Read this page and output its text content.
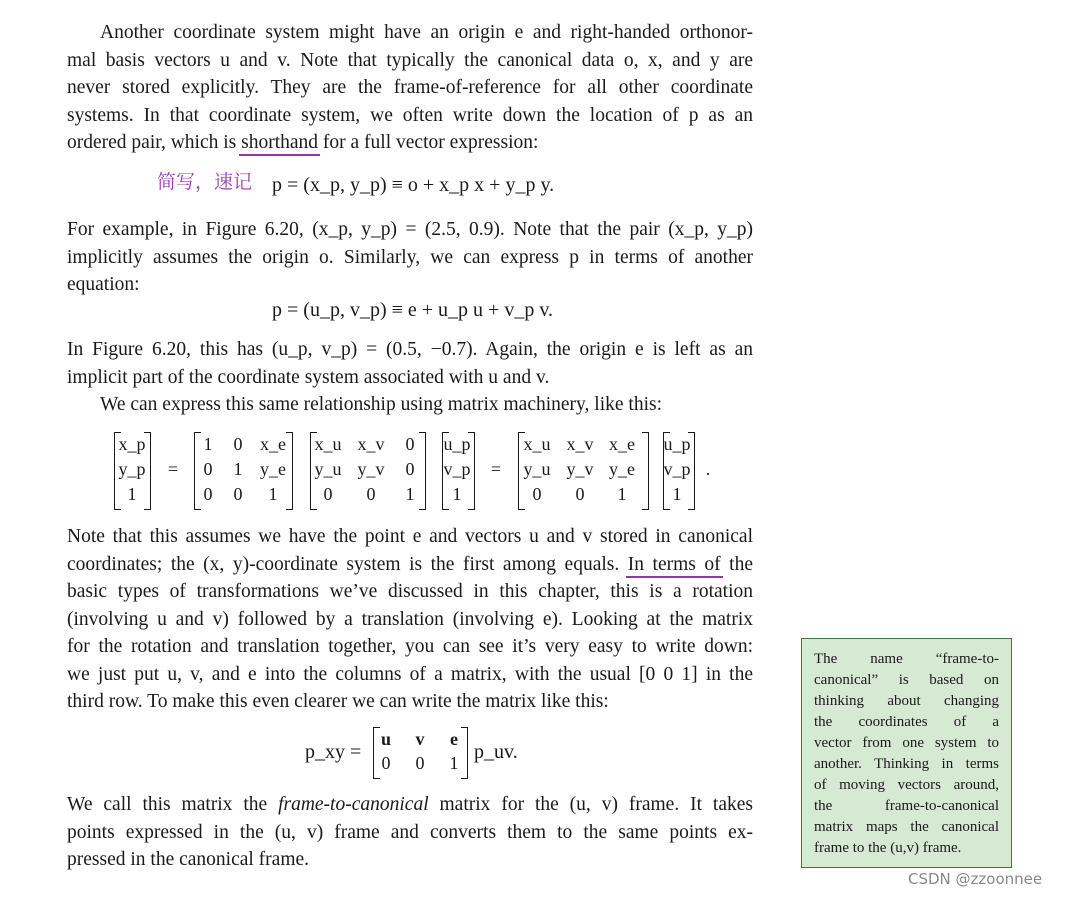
Another coordinate system might have an origin e and right-handed orthonor-
mal basis vectors u and v. Note that typically the canonical data o, x, and y are
never stored explicitly. They are the frame-of-reference for all other coordinate
systems. In that coordinate system, we often write down the location of p as an
ordered pair, which is shorthand for a full vector expression:
简写，速记 p = (x_p, y_p) ≡ o + x_p x + y_p y.
For example, in Figure 6.20, (x_p, y_p) = (2.5, 0.9). Note that the pair (x_p, y_p)
implicitly assumes the origin o. Similarly, we can express p in terms of another
equation:
p = (u_p, v_p) ≡ e + u_p u + v_p v.
In Figure 6.20, this has (u_p, v_p) = (0.5, −0.7). Again, the origin e is left as an
implicit part of the coordinate system associated with u and v.
We can express this same relationship using matrix machinery, like this:
x_p
y_p
1
=
1	0 x_e
0	1 y_e
0	0	1
x_u x_v	0
y_u y_v	0
0	0	1
u_p
v_p
1
=
x_u x_v x_e
y_u y_v y_e
0	0	1
u_p
v_p
1
.
Note that this assumes we have the point e and vectors u and v stored in canonical
coordinates; the (x, y)-coordinate system is the first among equals. In terms of the
basic types of transformations we’ve discussed in this chapter, this is a rotation
(involving u and v) followed by a translation (involving e). Looking at the matrix
for the rotation and translation together, you can see it’s very easy to write down:
we just put u, v, and e into the columns of a matrix, with the usual [0 0 1] in the
third row. To make this even clearer we can write the matrix like this:
p_xy =
u	v	e
0	0	1 p_uv.
We call this matrix the frame-to-canonical matrix for the (u, v) frame. It takes
points expressed in the (u, v) frame and converts them to the same points ex-
pressed in the canonical frame.
The name “frame-to-
canonical” is based on
thinking about changing
the coordinates of a
vector from one system to
another. Thinking in terms
of moving vectors around,
the frame-to-canonical
matrix maps the canonical
frame to the (u,v) frame.
CSDN @zzoonnee
